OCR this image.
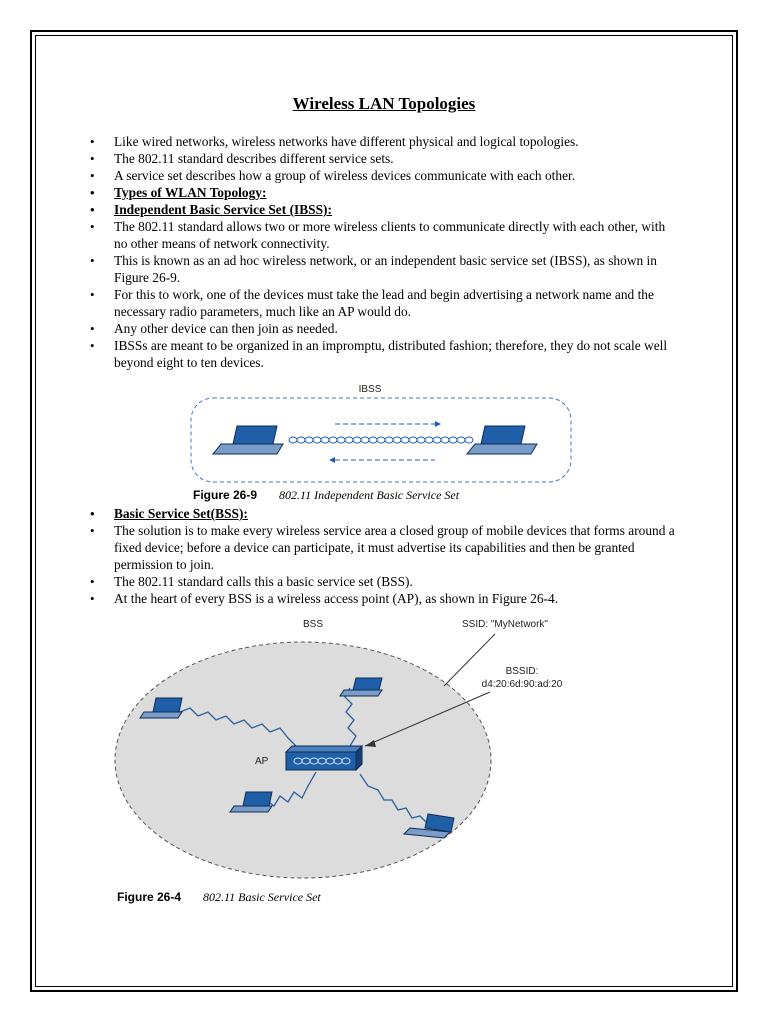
Wireless LAN Topologies
• Like wired networks, wireless networks have different physical and logical topologies.
• The 802.11 standard describes different service sets.
• A service set describes how a group of wireless devices communicate with each other.
• Types of WLAN Topology:
• Independent Basic Service Set (IBSS):
• The 802.11 standard allows two or more wireless clients to communicate directly with each other, with no other means of network connectivity.
• This is known as an ad hoc wireless network, or an independent basic service set (IBSS), as shown in Figure 26-9.
• For this to work, one of the devices must take the lead and begin advertising a network name and the necessary radio parameters, much like an AP would do.
• Any other device can then join as needed.
• IBSSs are meant to be organized in an impromptu, distributed fashion; therefore, they do not scale well beyond eight to ten devices.
IBSS
Figure 26-9 802.11 Independent Basic Service Set
• Basic Service Set(BSS):
• The solution is to make every wireless service area a closed group of mobile devices that forms around a fixed device; before a device can participate, it must advertise its capabilities and then be granted permission to join.
• The 802.11 standard calls this a basic service set (BSS).
• At the heart of every BSS is a wireless access point (AP), as shown in Figure 26-4.
BSS	SSID: "MyNetwork"
BSSID:
d4:20:6d:90:ad:20
AP
Figure 26-4 802.11 Basic Service Set
